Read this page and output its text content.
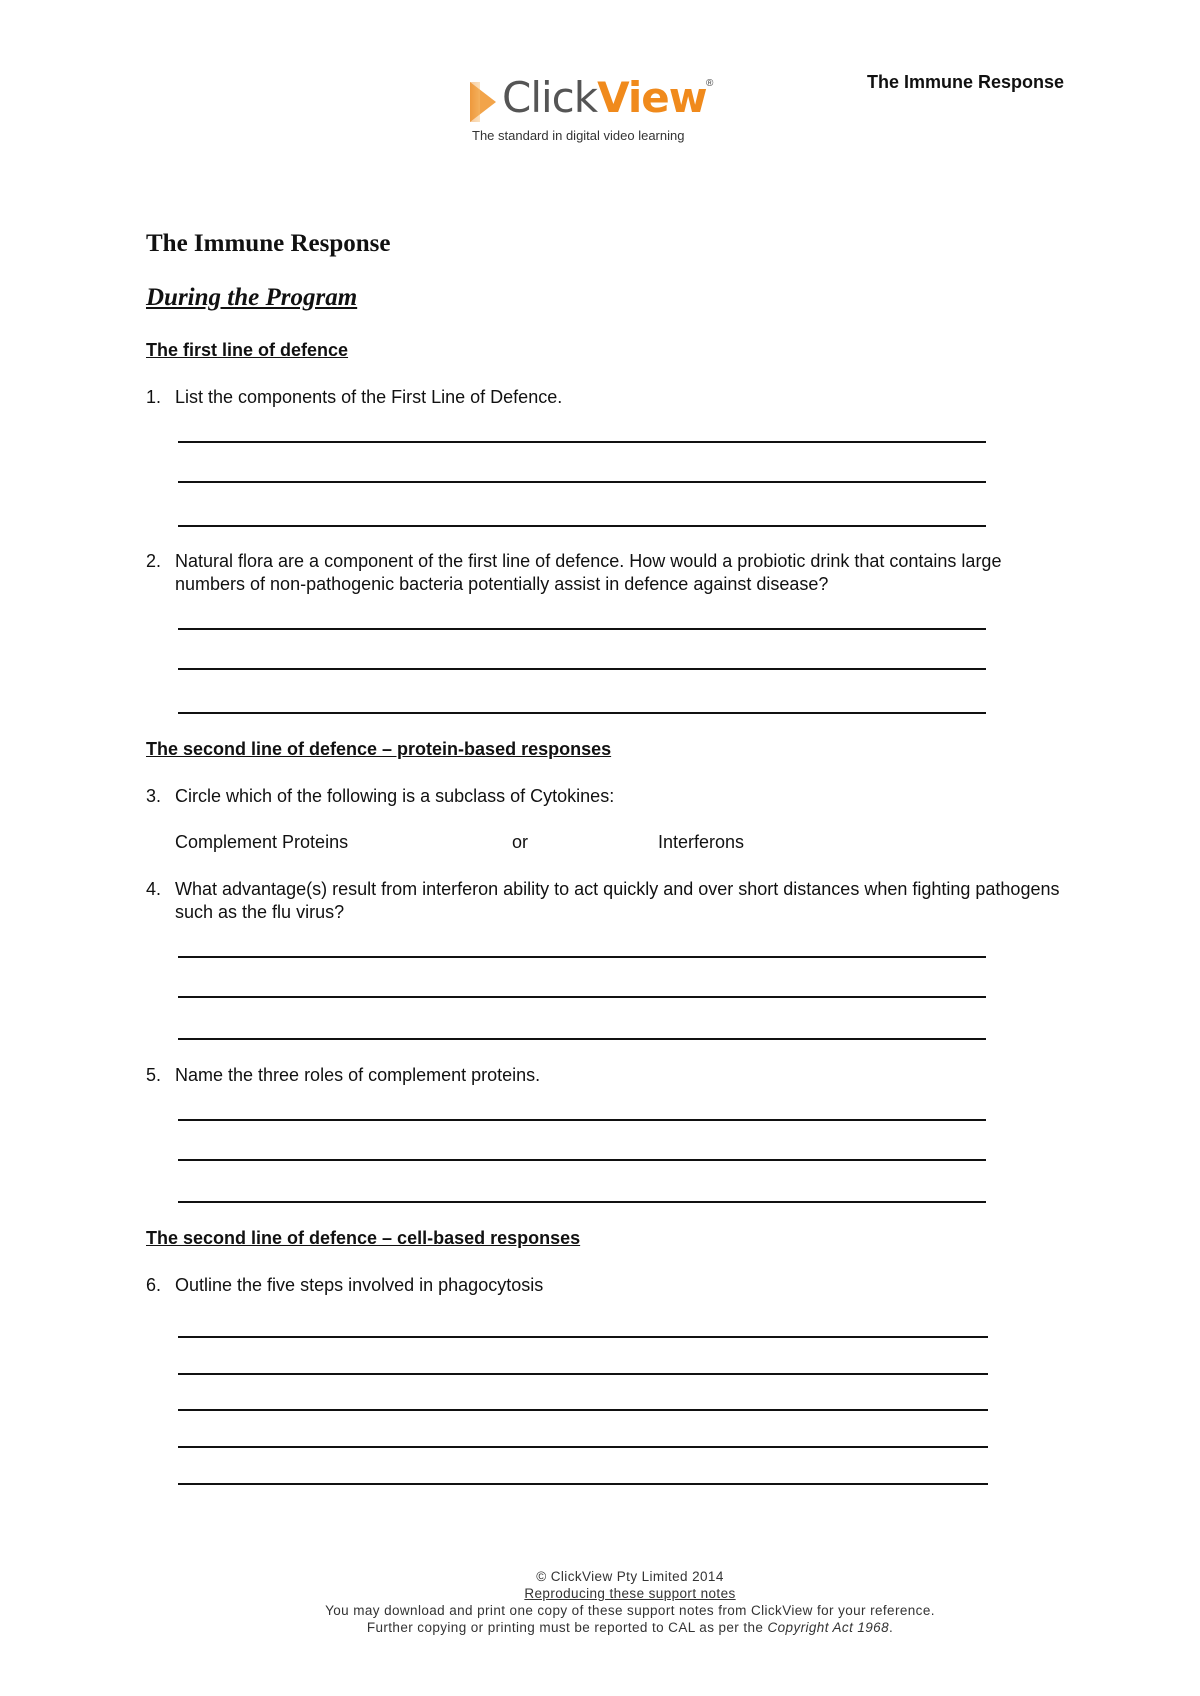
The Immune Response
ClickView ®
The standard in digital video learning
The Immune Response
During the Program
The first line of defence
1. List the components of the First Line of Defence.
2. Natural flora are a component of the first line of defence. How would a probiotic drink that contains large numbers of non-pathogenic bacteria potentially assist in defence against disease?
The second line of defence – protein-based responses
3. Circle which of the following is a subclass of Cytokines:
Complement Proteins	or	Interferons
4. What advantage(s) result from interferon ability to act quickly and over short distances when fighting pathogens such as the flu virus?
5. Name the three roles of complement proteins.
The second line of defence – cell-based responses
6. Outline the five steps involved in phagocytosis
© ClickView Pty Limited 2014
Reproducing these support notes
You may download and print one copy of these support notes from ClickView for your reference.
Further copying or printing must be reported to CAL as per the Copyright Act 1968.
